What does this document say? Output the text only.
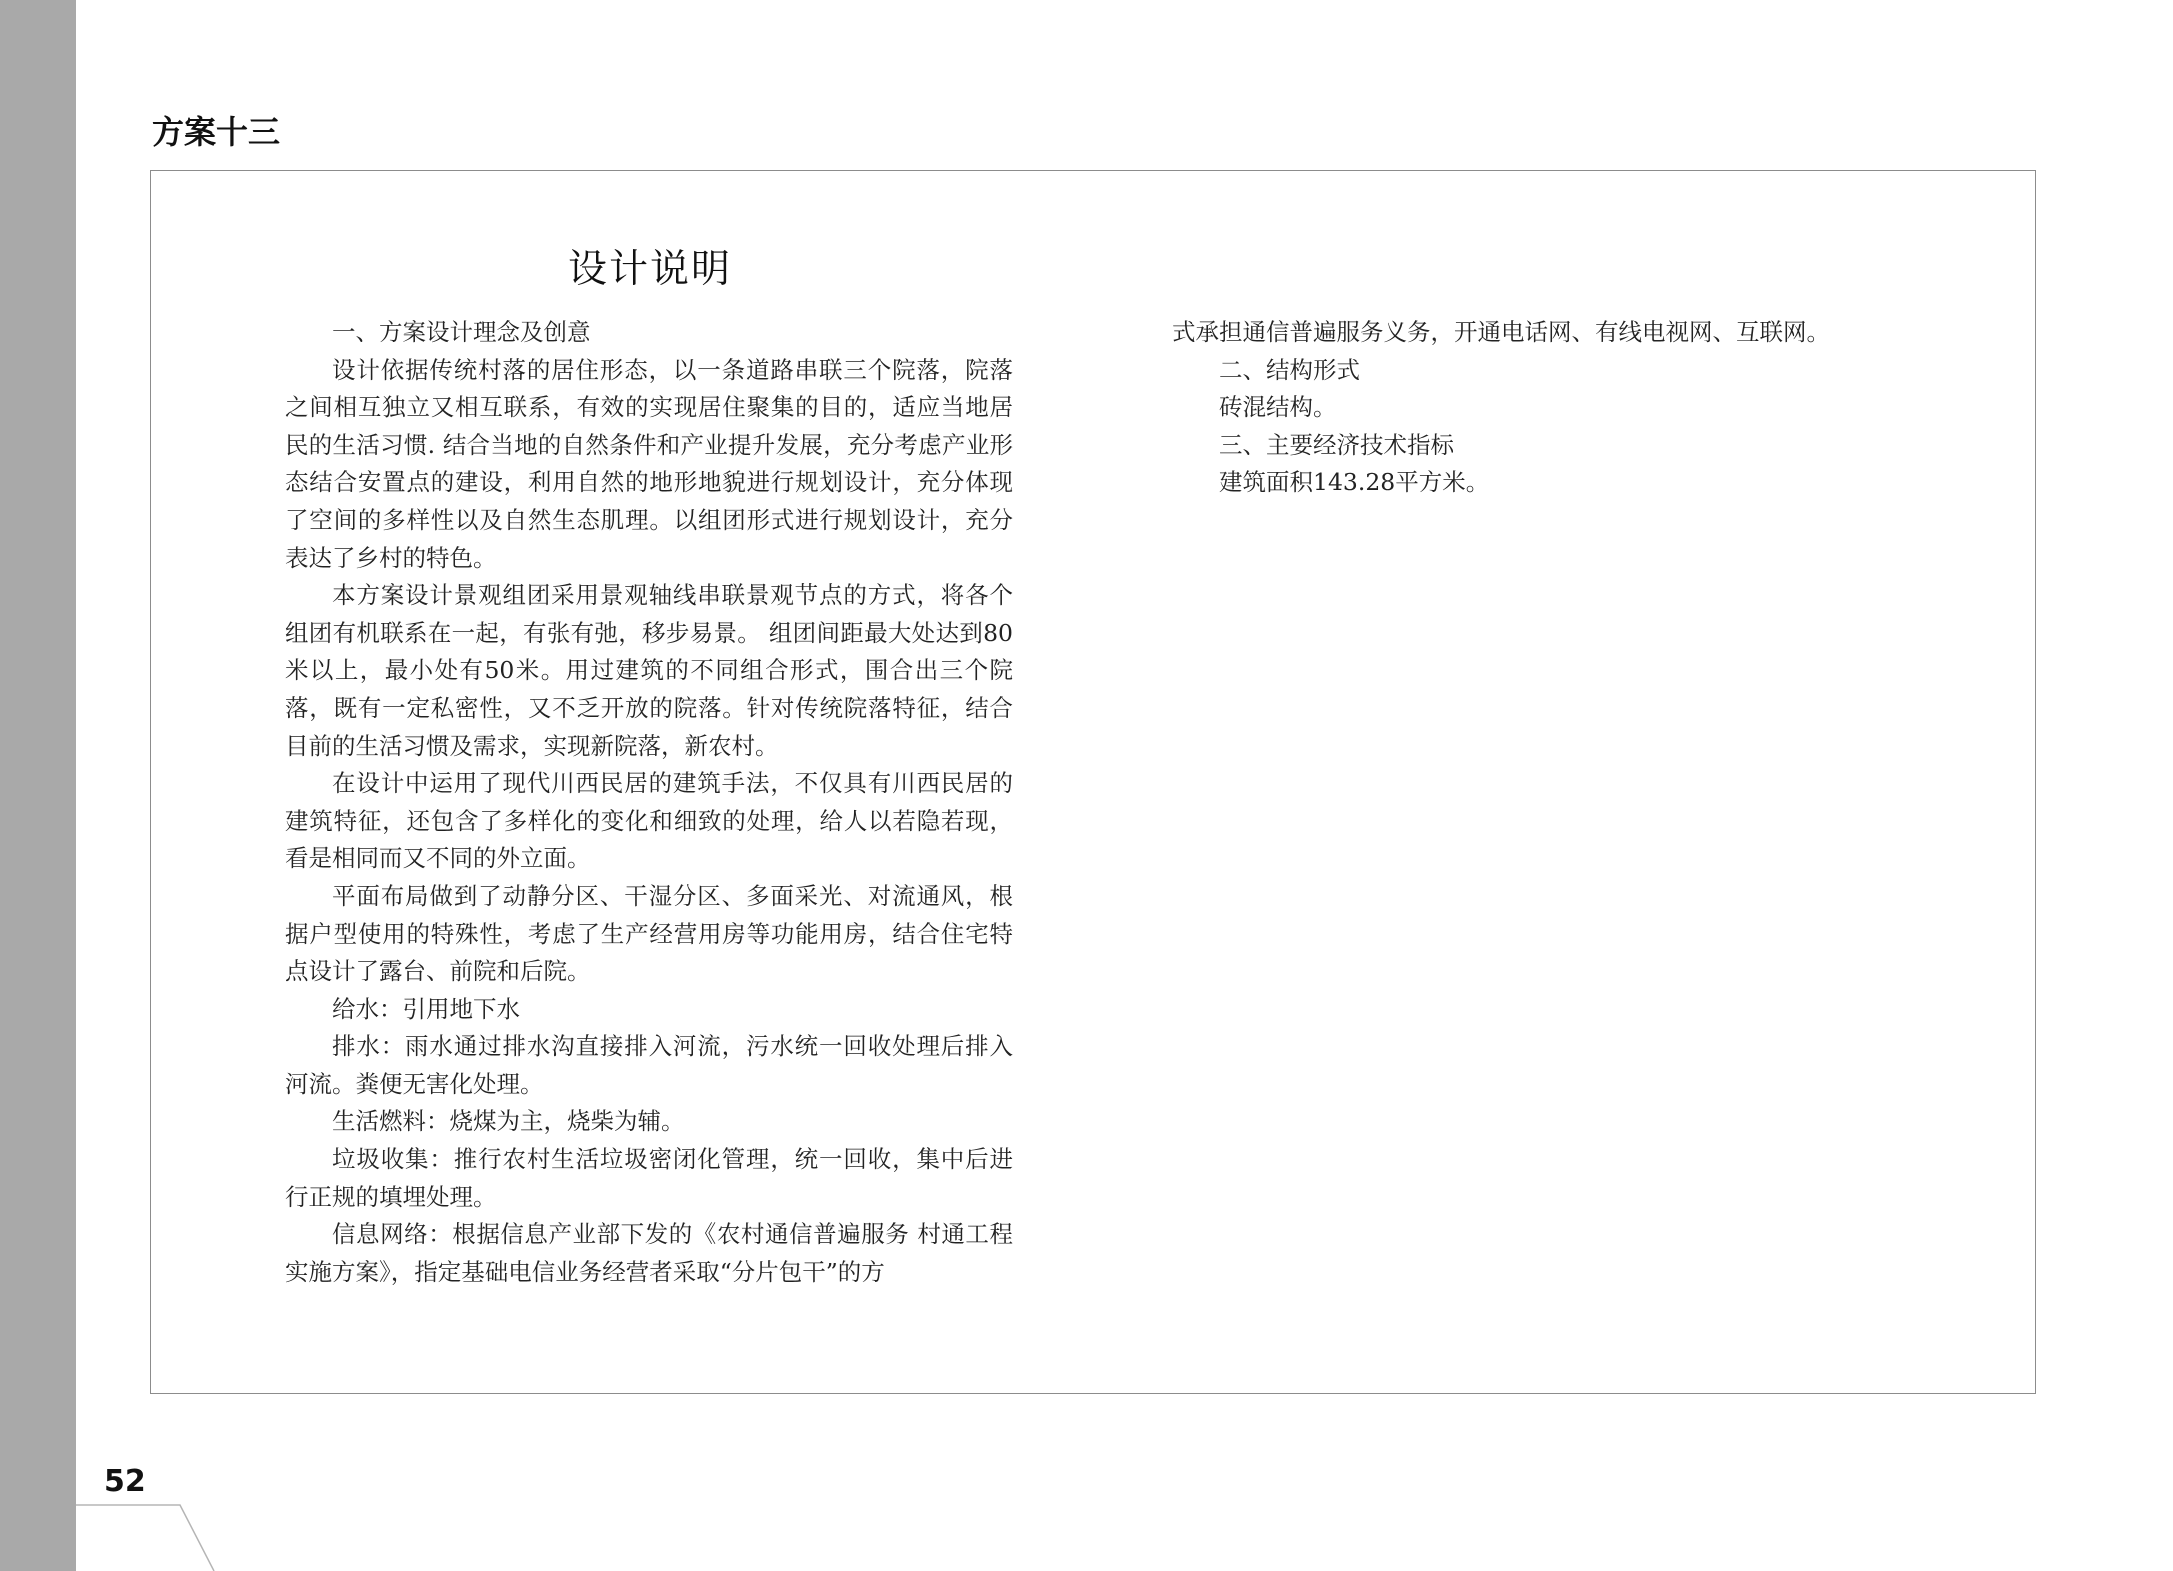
方案十三
设计说明

一、方案设计理念及创意

设计依据传统村落的居住形态，以一条道路串联三个院落，院落之间相互独立又相互联系，有效的实现居住聚集的目的，适应当地居民的生活习惯. 结合当地的自然条件和产业提升发展，充分考虑产业形态结合安置点的建设，利用自然的地形地貌进行规划设计，充分体现了空间的多样性以及自然生态肌理。以组团形式进行规划设计，充分表达了乡村的特色。

本方案设计景观组团采用景观轴线串联景观节点的方式，将各个组团有机联系在一起，有张有弛，移步易景。 组团间距最大处达到80米以上，最小处有50米。用过建筑的不同组合形式，围合出三个院落，既有一定私密性，又不乏开放的院落。针对传统院落特征，结合目前的生活习惯及需求，实现新院落，新农村。

在设计中运用了现代川西民居的建筑手法，不仅具有川西民居的建筑特征，还包含了多样化的变化和细致的处理，给人以若隐若现，看是相同而又不同的外立面。

平面布局做到了动静分区、干湿分区、多面采光、对流通风，根据户型使用的特殊性，考虑了生产经营用房等功能用房，结合住宅特点设计了露台、前院和后院。

给水：引用地下水

排水：雨水通过排水沟直接排入河流，污水统一回收处理后排入河流。粪便无害化处理。

生活燃料：烧煤为主，烧柴为辅。

垃圾收集：推行农村生活垃圾密闭化管理，统一回收，集中后进行正规的填埋处理。

信息网络：根据信息产业部下发的《农村通信普遍服务 村通工程实施方案》，指定基础电信业务经营者采取“分片包干”的方

式承担通信普遍服务义务，开通电话网、有线电视网、互联网。

二、结构形式

砖混结构。

三、主要经济技术指标

建筑面积143.28平方米。

52
